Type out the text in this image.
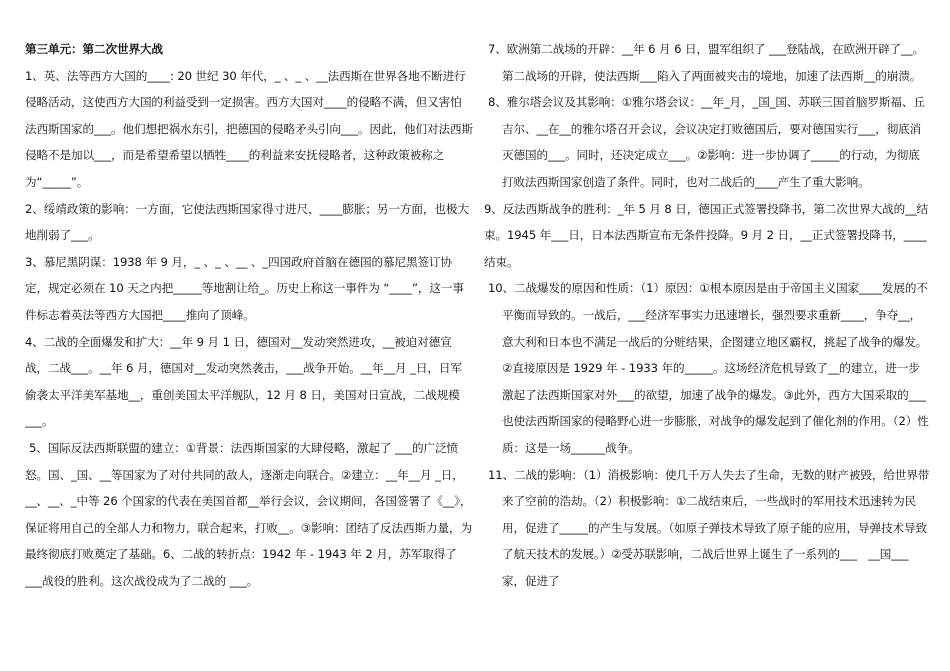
第三单元：第二次世界大战

1、英、法等西方大国的____: 20 世纪 30 年代，_ 、_ 、__法西斯在世界各地不断进行侵略活动，这使西方大国的利益受到一定损害。西方大国对____的侵略不满，但又害怕法西斯国家的___。他们想把祸水东引，把德国的侵略矛头引向___。因此，他们对法西斯侵略不是加以___，而是希望希望以牺牲____的利益来安抚侵略者，这种政策被称之为“_____”。

2、绥靖政策的影响：一方面，它使法西斯国家得寸进尺，____膨胀；另一方面，也极大地削弱了___。

3、慕尼黑阴谋：1938 年 9 月，_ 、_ 、__ 、_四国政府首脑在德国的慕尼黑签订协定，规定必须在 10 天之内把_____等地割让给_。历史上称这一事件为 “____”，这一事件标志着英法等西方大国把____推向了顶峰。

4、二战的全面爆发和扩大：__年 9 月 1 日，德国对__发动突然进攻，__被迫对德宣战，二战___。__年 6 月，德国对__发动突然袭击，___战争开始。__年__月 _日，日军偷袭太平洋美军基地__，重创美国太平洋舰队，12 月 8 日，美国对日宣战，二战规模___。

5、国际反法西斯联盟的建立：①背景：法西斯国家的大肆侵略，激起了 ___的广泛愤怒。国、_国、__等国家为了对付共同的敌人，逐渐走向联合。②建立：__年__月 _日，__、__、_中等 26 个国家的代表在美国首都__举行会议，会议期间，各国签署了《__》，保证将用自己的全部人力和物力，联合起来，打败__。③影响：团结了反法西斯力量，为最终彻底打败奠定了基础。6、二战的转折点：1942 年 - 1943 年 2 月，苏军取得了___战役的胜利。这次战役成为了二战的 ___。

7、欧洲第二战场的开辟：__年 6 月 6 日，盟军组织了 ___登陆战，在欧洲开辟了__。第二战场的开辟，使法西斯___陷入了两面被夹击的境地，加速了法西斯__的崩溃。

8、雅尔塔会议及其影响：①雅尔塔会议：__年_月，_国_国、苏联三国首脑罗斯福、丘吉尔、__在__的雅尔塔召开会议，会议决定打败德国后，要对德国实行___，彻底消灭德国的___。同时，还决定成立___。②影响：进一步协调了_____的行动，为彻底打败法西斯国家创造了条件。同时，也对二战后的____产生了重大影响。

9、反法西斯战争的胜利：_年 5 月 8 日，德国正式签署投降书，第二次世界大战的__结束。1945 年___日，日本法西斯宣布无条件投降。9 月 2 日，__正式签署投降书，____结束。

10、二战爆发的原因和性质：（1）原因：①根本原因是由于帝国主义国家____发展的不平衡而导致的。一战后，___经济军事实力迅速增长，强烈要求重新____，争夺__，意大利和日本也不满足一战后的分赃结果，企图建立地区霸权，挑起了战争的爆发。②直接原因是 1929 年 - 1933 年的_____。这场经济危机导致了__的建立，进一步激起了法西斯国家对外___的欲望，加速了战争的爆发。③此外，西方大国采取的___也使法西斯国家的侵略野心进一步膨胀，对战争的爆发起到了催化剂的作用。（2）性质：这是一场______战争。

11、二战的影响：（1）消极影响：使几千万人失去了生命，无数的财产被毁，给世界带来了空前的浩劫。（2）积极影响：①二战结束后，一些战时的军用技术迅速转为民用，促进了_____的产生与发展。（如原子弹技术导致了原子能的应用，导弹技术导致了航天技术的发展。）②受苏联影响，二战后世界上诞生了一系列的___　__国___家，促进了
